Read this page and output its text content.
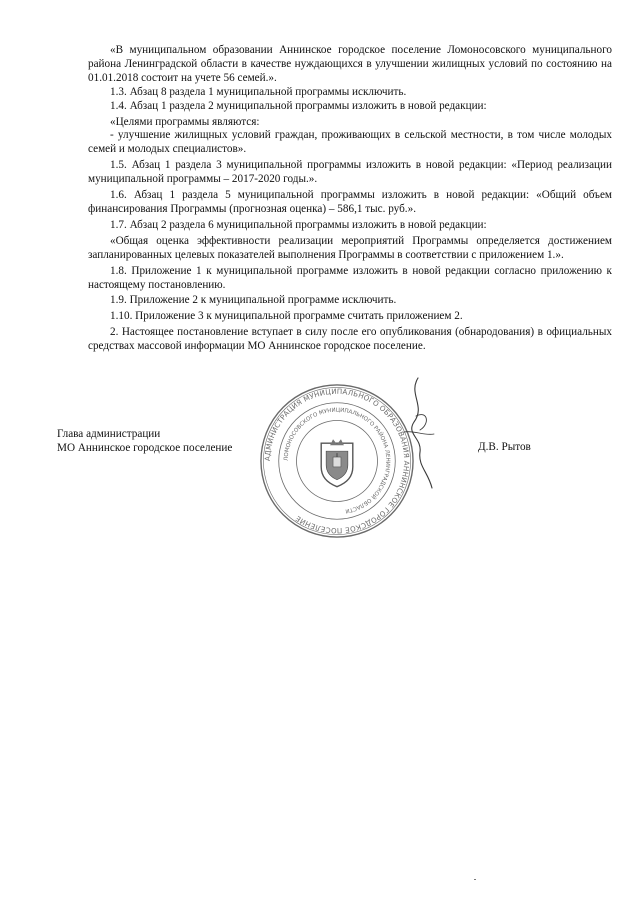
«В муниципальном образовании Аннинское городское поселение Ломоносовского муниципального района Ленинградской области в качестве нуждающихся в улучшении жилищных условий по состоянию на 01.01.2018 состоит на учете 56 семей.».

1.3. Абзац 8 раздела 1 муниципальной программы исключить.

1.4. Абзац 1 раздела 2 муниципальной программы изложить в новой редакции:

«Целями программы являются:

- улучшение жилищных условий граждан, проживающих в сельской местности, в том числе молодых семей и молодых специалистов».

1.5. Абзац 1 раздела 3 муниципальной программы изложить в новой редакции: «Период реализации муниципальной программы – 2017-2020 годы.».

1.6. Абзац 1 раздела 5 муниципальной программы изложить в новой редакции: «Общий объем финансирования Программы (прогнозная оценка) – 586,1 тыс. руб.».

1.7. Абзац 2 раздела 6 муниципальной программы изложить в новой редакции:

«Общая оценка эффективности реализации мероприятий Программы определяется достижением запланированных целевых показателей выполнения Программы в соответствии с приложением 1.».

1.8. Приложение 1 к муниципальной программе изложить в новой редакции согласно приложению к настоящему постановлению.

1.9. Приложение 2 к муниципальной программе исключить.

1.10. Приложение 3 к муниципальной программе считать приложением 2.

2. Настоящее постановление вступает в силу после его опубликования (обнародования) в официальных средствах массовой информации МО Аннинское городское поселение.

Глава администрации
МО Аннинское городское поселение	Д.В. Рытов
АДМИНИСТРАЦИЯ МУНИЦИПАЛЬНОГО ОБРАЗОВАНИЯ АННИНСКОЕ ГОРОДСКОЕ ПОСЕЛЕНИЕ
ЛОМОНОСОВСКОГО МУНИЦИПАЛЬНОГО РАЙОНА ЛЕНИНГРАДСКОЙ ОБЛАСТИ
